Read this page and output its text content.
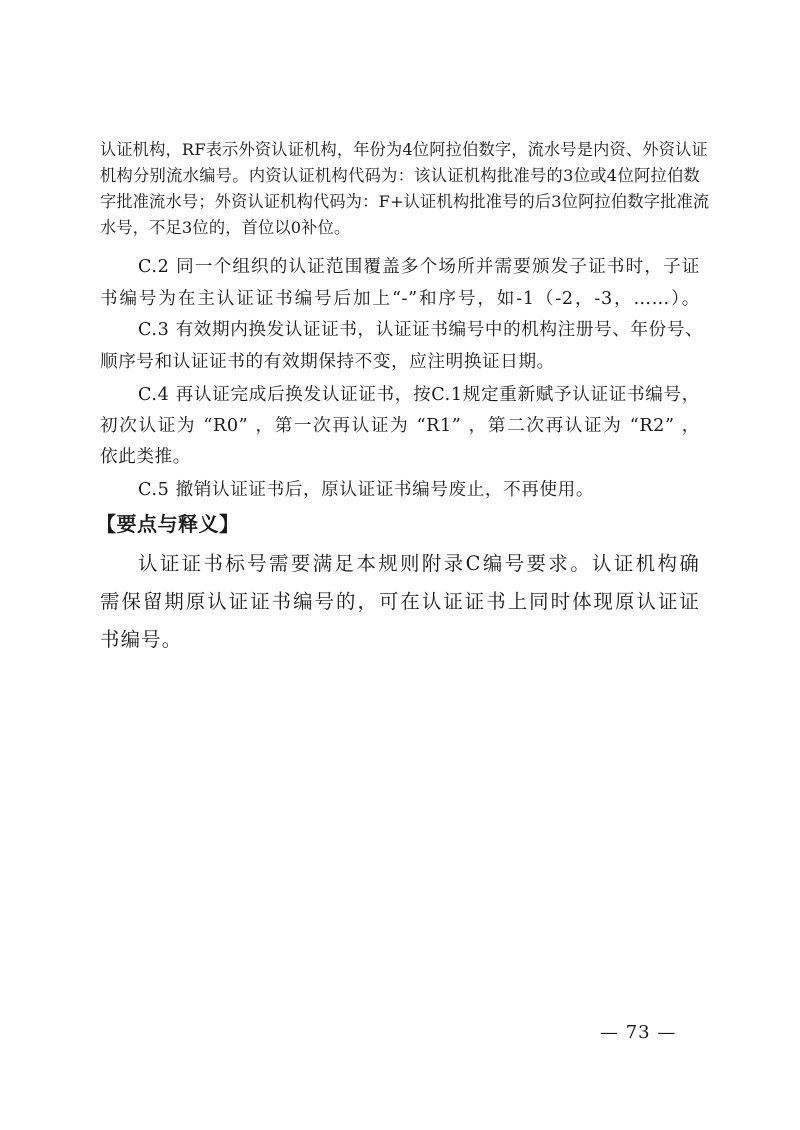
认证机构，RF表示外资认证机构，年份为4位阿拉伯数字，流水号是内资、外资认证
机构分别流水编号。内资认证机构代码为：该认证机构批准号的3位或4位阿拉伯数
字批准流水号；外资认证机构代码为：F+认证机构批准号的后3位阿拉伯数字批准流
水号，不足3位的，首位以0补位。
C.2 同一个组织的认证范围覆盖多个场所并需要颁发子证书时，子证
书编号为在主认证证书编号后加上“-”和序号，如-1（-2，-3，……）。
C.3 有效期内换发认证证书，认证证书编号中的机构注册号、年份号、
顺序号和认证证书的有效期保持不变，应注明换证日期。
C.4 再认证完成后换发认证证书，按C.1规定重新赋予认证证书编号，
初次认证为 “R0” ，第一次再认证为 “R1” ，第二次再认证为 “R2” ，
依此类推。
C.5 撤销认证证书后，原认证证书编号废止，不再使用。
【要点与释义】
认证证书标号需要满足本规则附录C编号要求。认证机构确
需保留期原认证证书编号的，可在认证证书上同时体现原认证证
书编号。
— 73 —
